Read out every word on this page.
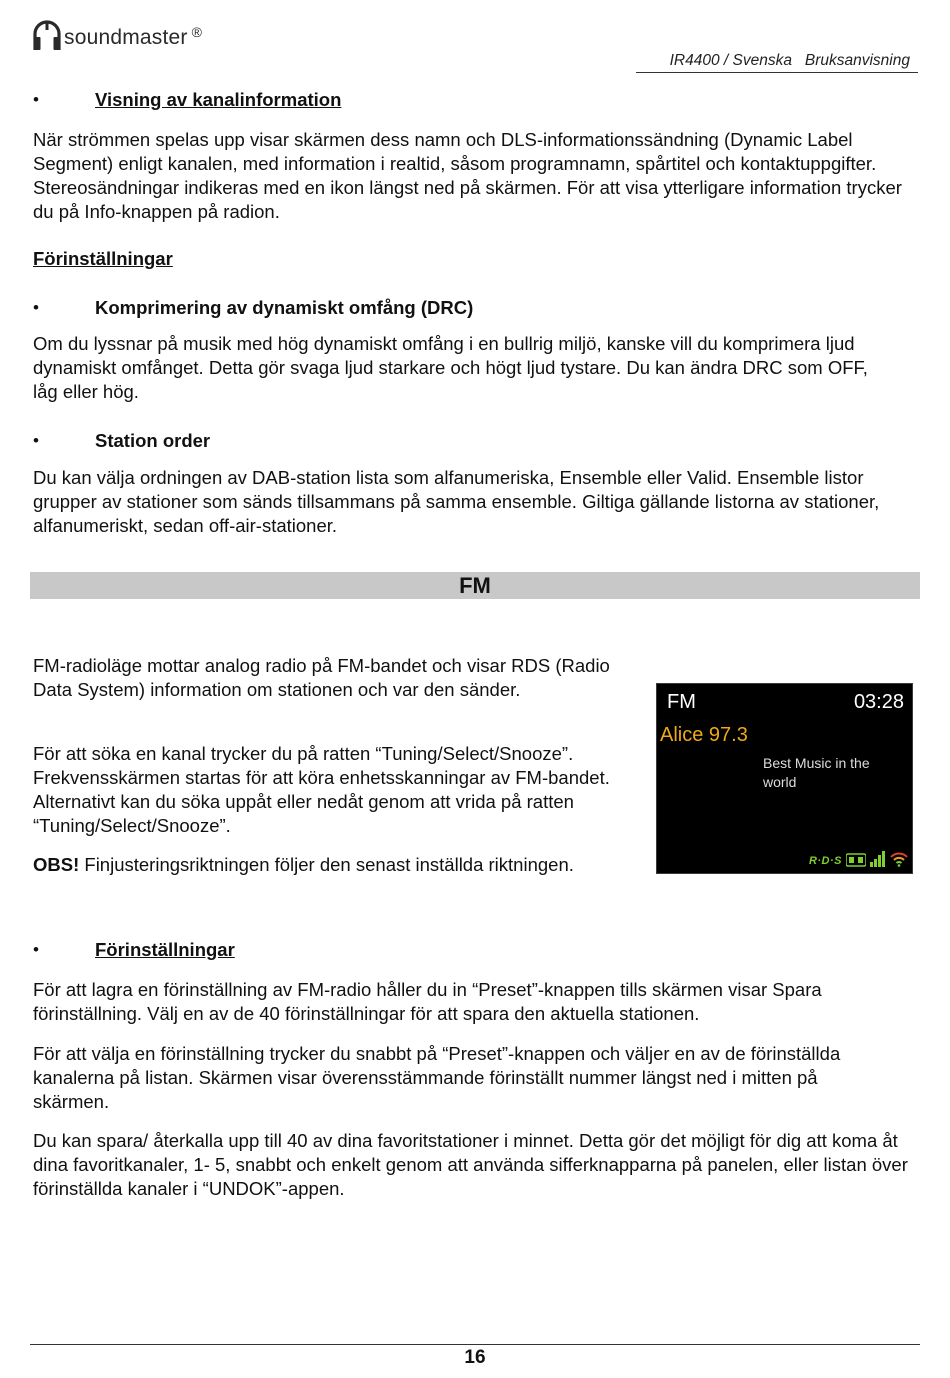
soundmaster ®
IR4400 / Svenska   Bruksanvisning
•	Visning av kanalinformation

När strömmen spelas upp visar skärmen dess namn och DLS-informationssändning (Dynamic Label Segment) enligt kanalen, med information i realtid, såsom programnamn, spårtitel och kontaktuppgifter. Stereosändningar indikeras med en ikon längst ned på skärmen. För att visa ytterligare information trycker du på Info-knappen på radion.

Förinställningar
•	Komprimering av dynamiskt omfång (DRC)

Om du lyssnar på musik med hög dynamiskt omfång i en bullrig miljö, kanske vill du komprimera ljud dynamiskt omfånget. Detta gör svaga ljud starkare och högt ljud tystare. Du kan ändra DRC som OFF, låg eller hög.

•	Station order

Du kan välja ordningen av DAB-station lista som alfanumeriska, Ensemble eller Valid. Ensemble listor grupper av stationer som sänds tillsammans på samma ensemble. Giltiga gällande listorna av stationer, alfanumeriskt, sedan off-air-stationer.

FM

FM-radioläge mottar analog radio på FM-bandet och visar RDS (Radio Data System) information om stationen och var den sänder.

För att söka en kanal trycker du på ratten “Tuning/Select/Snooze”. Frekvensskärmen startas för att köra enhetsskanningar av FM-bandet. Alternativt kan du söka uppåt eller nedåt genom att vrida på ratten “Tuning/Select/Snooze”.

OBS! Finjusteringsriktningen följer den senast inställda riktningen.

FM	03:28
Alice 97.3
Best Music in the world
R·D·S
•	Förinställningar

För att lagra en förinställning av FM-radio håller du in “Preset”-knappen tills skärmen visar Spara förinställning. Välj en av de 40 förinställningar för att spara den aktuella stationen.

För att välja en förinställning trycker du snabbt på “Preset”-knappen och väljer en av de förinställda kanalerna på listan. Skärmen visar överensstämmande förinställt nummer längst ned i mitten på skärmen.

Du kan spara/ återkalla upp till 40 av dina favoritstationer i minnet. Detta gör det möjligt för dig att koma åt dina favoritkanaler, 1- 5, snabbt och enkelt genom att använda sifferknapparna på panelen, eller listan över förinställda kanaler i “UNDOK”-appen.

16
